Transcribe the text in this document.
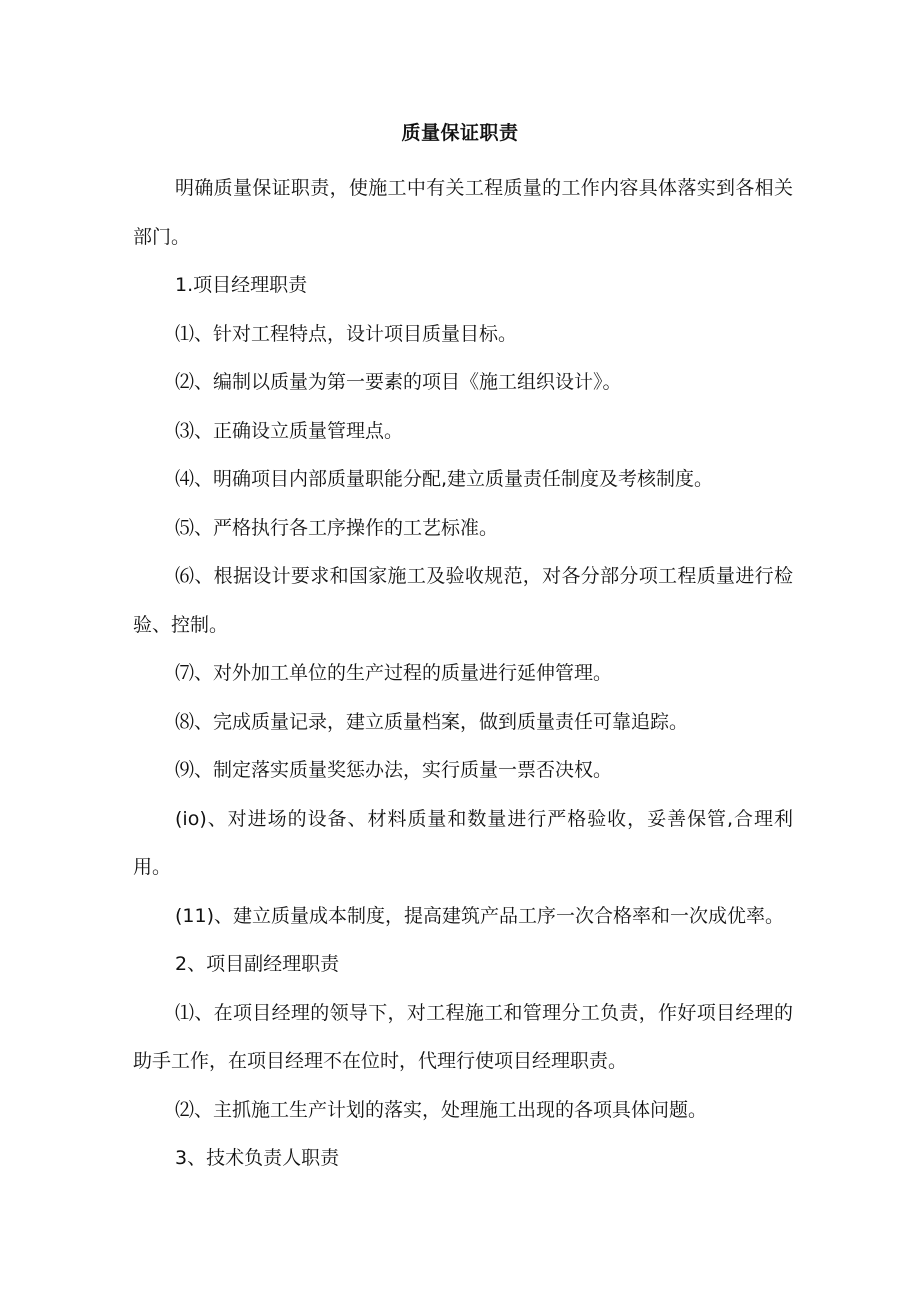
质量保证职责

明确质量保证职责，使施工中有关工程质量的工作内容具体落实到各相关部门。

1.项目经理职责

⑴、针对工程特点，设计项目质量目标。

⑵、编制以质量为第一要素的项目《施工组织设计》。

⑶、正确设立质量管理点。

⑷、明确项目内部质量职能分配,建立质量责任制度及考核制度。

⑸、严格执行各工序操作的工艺标准。

⑹、根据设计要求和国家施工及验收规范，对各分部分项工程质量进行检验、控制。

⑺、对外加工单位的生产过程的质量进行延伸管理。

⑻、完成质量记录，建立质量档案，做到质量责任可靠追踪。

⑼、制定落实质量奖惩办法，实行质量一票否决权。

(io)、对进场的设备、材料质量和数量进行严格验收，妥善保管,合理利用。

(11)、建立质量成本制度，提高建筑产品工序一次合格率和一次成优率。

2、项目副经理职责

⑴、在项目经理的领导下，对工程施工和管理分工负责，作好项目经理的助手工作，在项目经理不在位时，代理行使项目经理职责。

⑵、主抓施工生产计划的落实，处理施工出现的各项具体问题。

3、技术负责人职责
